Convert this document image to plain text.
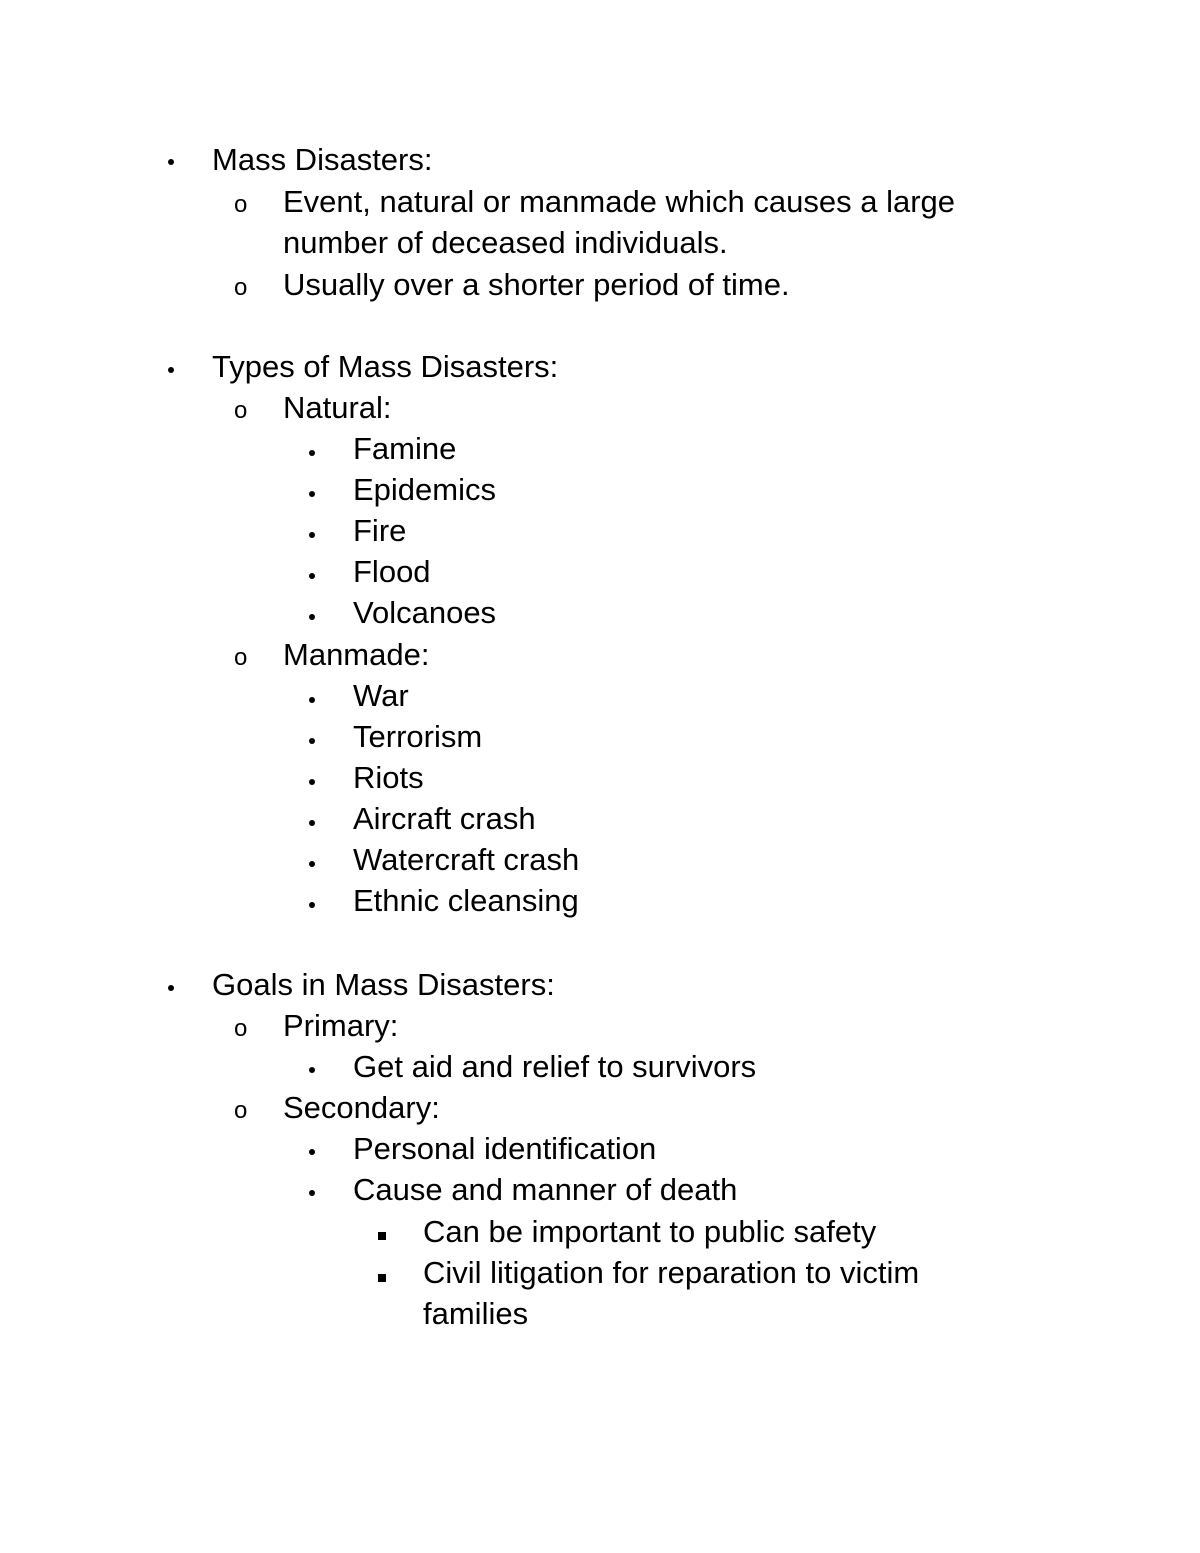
Mass Disasters:
o Event, natural or manmade which causes a large
number of deceased individuals.
o Usually over a shorter period of time.
Types of Mass Disasters:
o Natural:
Famine
Epidemics
Fire
Flood
Volcanoes
o Manmade:
War
Terrorism
Riots
Aircraft crash
Watercraft crash
Ethnic cleansing
Goals in Mass Disasters:
o Primary:
Get aid and relief to survivors
o Secondary:
Personal identification
Cause and manner of death
Can be important to public safety
Civil litigation for reparation to victim
families
